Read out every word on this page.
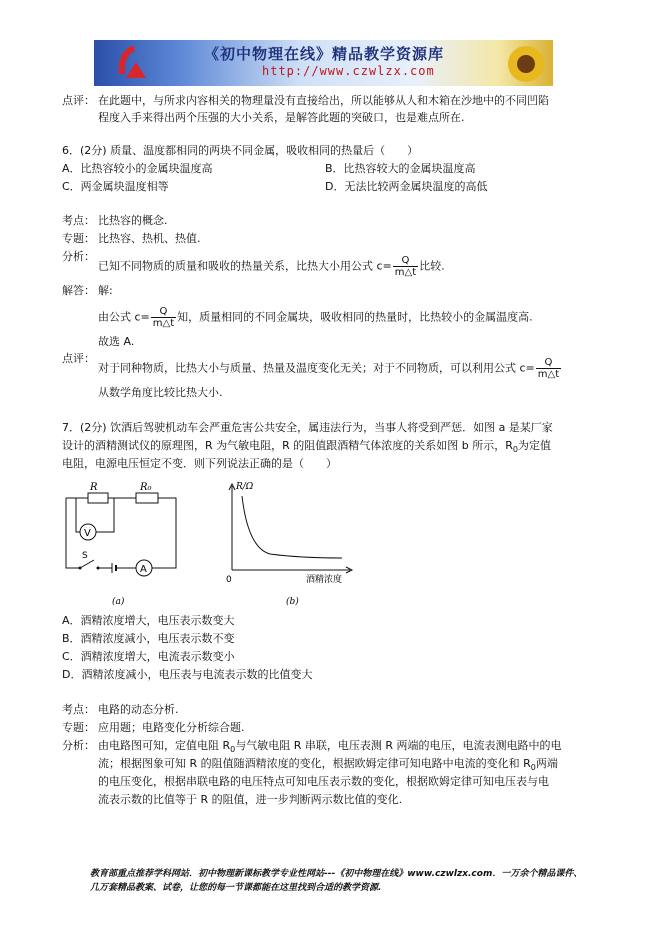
《初中物理在线》精品教学资源库
http://www.czwlzx.com
点评： 在此题中，与所求内容相关的物理量没有直接给出，所以能够从人和木箱在沙地中的不同凹陷
程度入手来得出两个压强的大小关系，是解答此题的突破口，也是难点所在.
6．(2分) 质量、温度都相同的两块不同金属，吸收相同的热量后（　　）
A．比热容较小的金属块温度高	B．比热容较大的金属块温度高
C．两金属块温度相等	D．无法比较两金属块温度的高低
考点： 比热容的概念.
专题： 比热容、热机、热值.
分析：
已知不同物质的质量和吸收的热量关系，比热大小用公式 $c= \frac{Q}{m\triangle t}$ 比较.
解答： 解:
由公式 $c= \frac{Q}{m\triangle t}$ 知，质量相同的不同金属块，吸收相同的热量时，比热较小的金属温度高.
故选 A.
点评：
对于同种物质，比热大小与质量、热量及温度变化无关；对于不同物质，可以利用公式 $c= \frac{Q}{m\triangle t}$
从数学角度比较比热大小.
7．(2分) 饮酒后驾驶机动车会严重危害公共安全，属违法行为，当事人将受到严惩．如图 a 是某厂家
设计的酒精测试仪的原理图，R 为气敏电阻，R 的阻值跟酒精气体浓度的关系如图 b 所示，$R_0$为定值
电阻，电源电压恒定不变．则下列说法正确的是（　　）
R	R₀
V
A
S
(a)
R/Ω
0	酒精浓度
(b)
A．酒精浓度增大，电压表示数变大
B．酒精浓度减小，电压表示数不变
C．酒精浓度增大，电流表示数变小
D．酒精浓度减小，电压表与电流表示数的比值变大
考点： 电路的动态分析.
专题： 应用题；电路变化分析综合题.
分析： 由电路图可知，定值电阻 $R_0$与气敏电阻 R 串联，电压表测 R 两端的电压，电流表测电路中的电
流；根据图象可知 R 的阻值随酒精浓度的变化，根据欧姆定律可知电路中电流的变化和 $R_0$两端
的电压变化，根据串联电路的电压特点可知电压表示数的变化，根据欧姆定律可知电压表与电
流表示数的比值等于 R 的阻值，进一步判断两示数比值的变化.
教育部重点推荐学科网站．初中物理新课标教学专业性网站---《初中物理在线》www.czwlzx.com．一万余个精品课件、
几万套精品教案、试卷，让您的每一节课都能在这里找到合适的教学资源.
